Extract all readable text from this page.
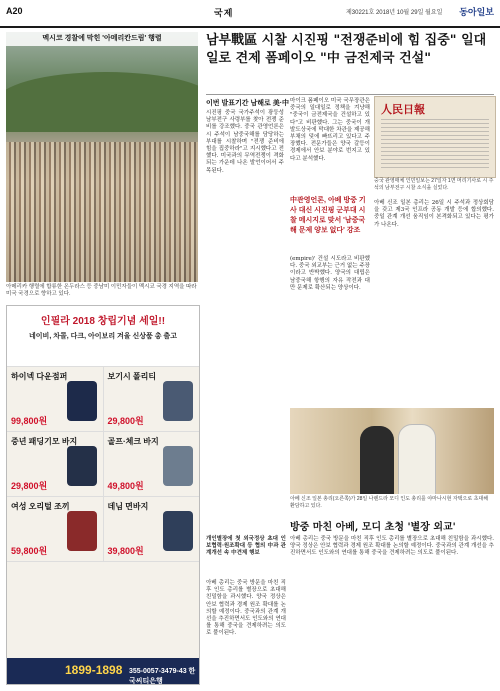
A20	국제	제30221호 2018년 10월 29일 월요일 동아일보
멕시코 경찰에 막힌 '아메리칸드림' 행렬
아메리카 행렬에 합류한 온두라스 등 중남미 이민자들이 멕시코 국경 지역을 따라 미국 국경으로 향하고 있다.
인필라 2018 창립기념 세일!!
네이비, 차콜, 다크, 아이보리 겨울 신상품 총 출고
하이넥 다운점퍼
99,800원
보기시 폴리티
29,800원
중년 패딩기모 바지
29,800원
골프·체크 바지
49,800원
여성 오리털 조끼
59,800원
데님 면바지
39,800원
1899-1898 355-0057-3479-43 한국씨티은행
남부戰區 시찰 시진핑 "전쟁준비에 힘 집중" 일대일로 견제 폼페이오 "中 금전제국 건설"
이번 발표기간 남해로 美·中
시진핑 중국 국가주석이 광둥성 남부전구 사령부를 찾아 전쟁 준비를 강조했다. 중국 관영언론은 시 주석이 남중국해를 담당하는 부대를 시찰하며 "전쟁 준비에 힘을 집중하라"고 지시했다고 전했다. 미국과의 무역전쟁이 격화되는 가운데 나온 발언이어서 주목된다.
마이크 폼페이오 미국 국무장관은 중국의 일대일로 정책을 겨냥해 "중국이 금전제국을 건설하고 있다"고 비판했다. 그는 중국이 개발도상국에 막대한 차관을 제공해 부채의 덫에 빠뜨리고 있다고 주장했다. 전문가들은 양국 갈등이 경제에서 안보 분야로 번지고 있다고 분석했다.
中관영언론, 아베 방중 기사 대신 시진핑 군부대 시찰 메시지로 맞서 '남중국해 문제 양보 없다' 강조
(empire)' 건설 시도라고 비판했다. 중국 외교부는 근거 없는 주장이라고 반박했다. 양국의 대립은 남중국해 항행의 자유 작전과 대만 문제로 확산되는 양상이다.
아베 신조 일본 총리는 26일 시 주석과 정상회담을 갖고 제3국 인프라 공동 개발 등에 합의했다. 중일 관계 개선 움직임이 본격화되고 있다는 평가가 나온다.
人民日報
중국 관영매체 인민일보는 27일자 1면 머리기사로 시 주석의 남부전구 시찰 소식을 실었다.
아베 신조 일본 총리(오른쪽)가 28일 나렌드라 모디 인도 총리를 야마나시현 자택으로 초대해 환담하고 있다.
방중 마친 아베, 모디 초청 '별장 외교'
개인별장에 첫 외국정상 초대 인보협력·원조확대 등 협의 中과 관계개선 속 中견제 행보
아베 총리는 중국 방문을 마친 직후 인도 총리를 별장으로 초대해 친밀함을 과시했다. 양국 정상은 안보 협력과 경제 원조 확대를 논의할 예정이다. 중국과의 관계 개선을 추진하면서도 인도와의 연대를 통해 중국을 견제하려는 의도로 풀이된다.
아베 총리는 중국 방문을 마친 직후 인도 총리를 별장으로 초대해 친밀함을 과시했다. 양국 정상은 안보 협력과 경제 원조 확대를 논의할 예정이다. 중국과의 관계 개선을 추진하면서도 인도와의 연대를 통해 중국을 견제하려는 의도로 풀이된다.
